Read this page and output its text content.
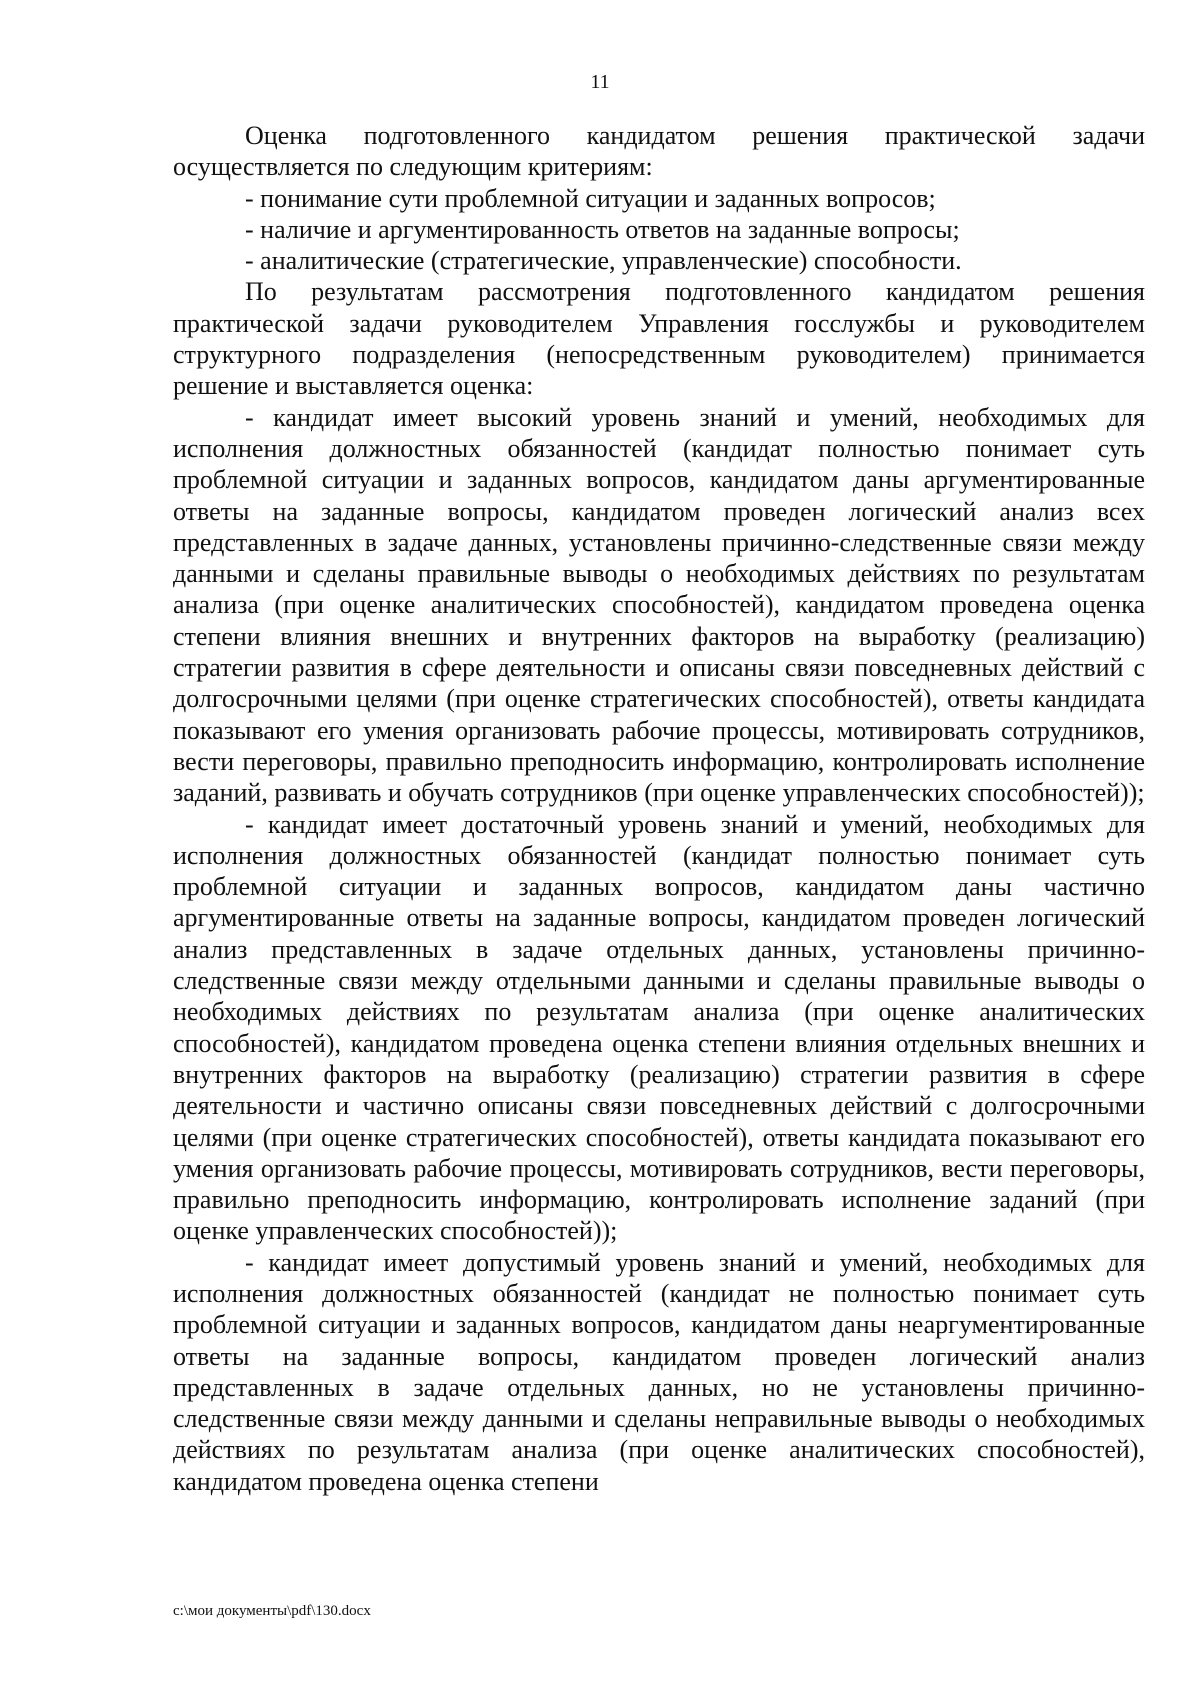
11

Оценка подготовленного кандидатом решения практической задачи осуществляется по следующим критериям:

- понимание сути проблемной ситуации и заданных вопросов;

- наличие и аргументированность ответов на заданные вопросы;

- аналитические (стратегические, управленческие) способности.

По результатам рассмотрения подготовленного кандидатом решения практической задачи руководителем Управления госслужбы и руководителем структурного подразделения (непосредственным руководителем) принимается решение и выставляется оценка:

- кандидат имеет высокий уровень знаний и умений, необходимых для исполнения должностных обязанностей (кандидат полностью понимает суть проблемной ситуации и заданных вопросов, кандидатом даны аргументированные ответы на заданные вопросы, кандидатом проведен логический анализ всех представленных в задаче данных, установлены причинно-следственные связи между данными и сделаны правильные выводы о необходимых действиях по результатам анализа (при оценке аналитических способностей), кандидатом проведена оценка степени влияния внешних и внутренних факторов на выработку (реализацию) стратегии развития в сфере деятельности и описаны связи повседневных действий с долгосрочными целями (при оценке стратегических способностей), ответы кандидата показывают его умения организовать рабочие процессы, мотивировать сотрудников, вести переговоры, правильно преподносить информацию, контролировать исполнение заданий, развивать и обучать сотрудников (при оценке управленческих способностей));

- кандидат имеет достаточный уровень знаний и умений, необходимых для исполнения должностных обязанностей (кандидат полностью понимает суть проблемной ситуации и заданных вопросов, кандидатом даны частично аргументированные ответы на заданные вопросы, кандидатом проведен логический анализ представленных в задаче отдельных данных, установлены причинно-следственные связи между отдельными данными и сделаны правильные выводы о необходимых действиях по результатам анализа (при оценке аналитических способностей), кандидатом проведена оценка степени влияния отдельных внешних и внутренних факторов на выработку (реализацию) стратегии развития в сфере деятельности и частично описаны связи повседневных действий с долгосрочными целями (при оценке стратегических способностей), ответы кандидата показывают его умения организовать рабочие процессы, мотивировать сотрудников, вести переговоры, правильно преподносить информацию, контролировать исполнение заданий (при оценке управленческих способностей));

- кандидат имеет допустимый уровень знаний и умений, необходимых для исполнения должностных обязанностей (кандидат не полностью понимает суть проблемной ситуации и заданных вопросов, кандидатом даны неаргументированные ответы на заданные вопросы, кандидатом проведен логический анализ представленных в задаче отдельных данных, но не установлены причинно-следственные связи между данными и сделаны неправильные выводы о необходимых действиях по результатам анализа (при оценке аналитических способностей), кандидатом проведена оценка степени

c:\мои документы\pdf\130.docx
